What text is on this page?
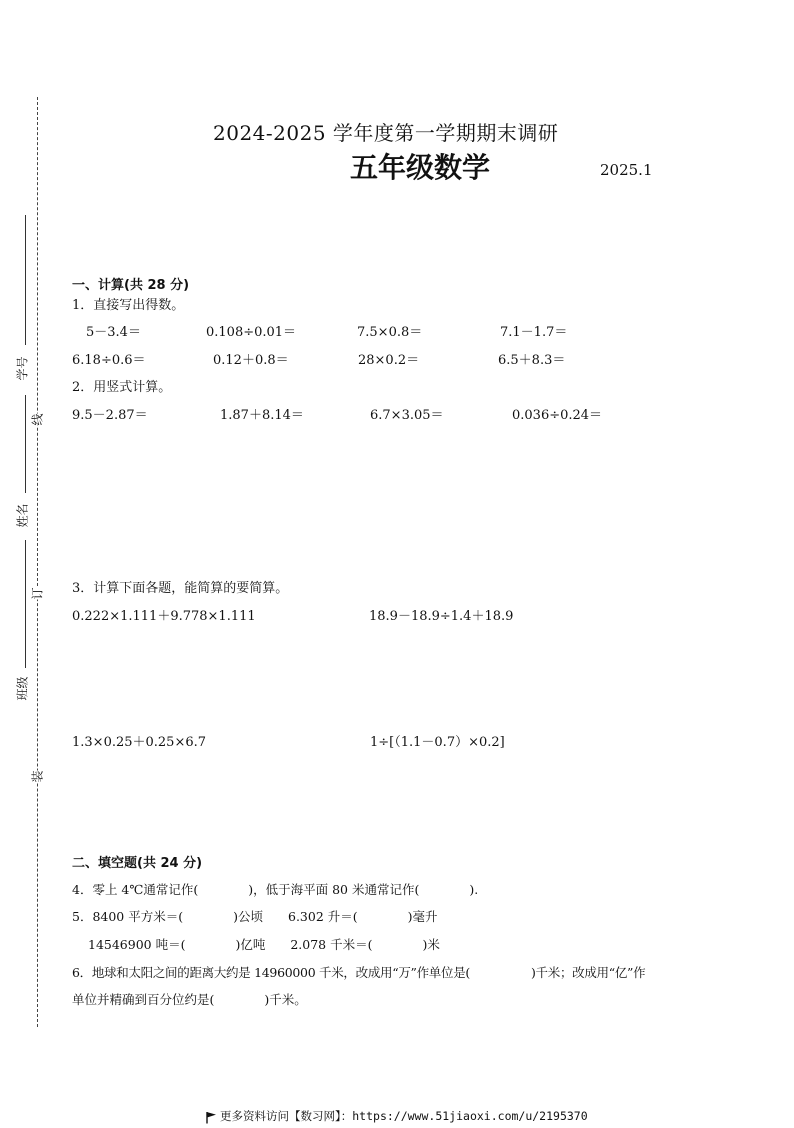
学号
姓名
班级
线
订
装
2024-2025 学年度第一学期期末调研
五年级数学	2025.1
一、计算(共 28 分)
1．直接写出得数。
5－3.4＝	0.108÷0.01＝	7.5×0.8＝	7.1－1.7＝
6.18÷0.6＝	0.12＋0.8＝	28×0.2＝	6.5＋8.3＝
2．用竖式计算。
9.5－2.87＝	1.87＋8.14＝	6.7×3.05＝	0.036÷0.24＝
3．计算下面各题，能简算的要简算。
0.222×1.111＋9.778×1.111	18.9－18.9÷1.4＋18.9
1.3×0.25＋0.25×6.7	1÷[（1.1－0.7）×0.2]
二、填空题(共 24 分)
4．零上 4℃通常记作(　　　　)，低于海平面 80 米通常记作(　　　　).
5．8400 平方米＝(　　　　)公顷　　6.302 升＝(　　　　)毫升
14546900 吨＝(　　　　)亿吨　　2.078 千米＝(　　　　)米
6．地球和太阳之间的距离大约是 14960000 千米，改成用“万”作单位是(　　　　　)千米；改成用“亿”作
单位并精确到百分位约是(　　　　)千米。
更多资料访问【数习网】：https://www.51jiaoxi.com/u/2195370
